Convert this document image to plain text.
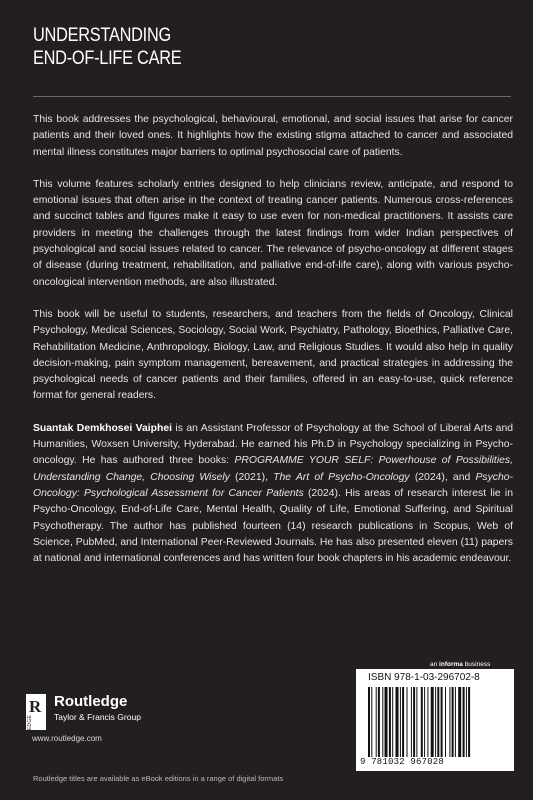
UNDERSTANDING
END-OF-LIFE CARE

This book addresses the psychological, behavioural, emotional, and social issues that arise for cancer patients and their loved ones. It highlights how the existing stigma attached to cancer and associated mental illness constitutes major barriers to optimal psychosocial care of patients.

This volume features scholarly entries designed to help clinicians review, anticipate, and respond to emotional issues that often arise in the context of treating cancer patients. Numerous cross-references and succinct tables and figures make it easy to use even for non-medical practitioners. It assists care providers in meeting the challenges through the latest findings from wider Indian perspectives of psychological and social issues related to cancer. The relevance of psycho-oncology at different stages of disease (during treatment, rehabilitation, and palliative end-of-life care), along with various psycho-oncological intervention methods, are also illustrated.

This book will be useful to students, researchers, and teachers from the fields of Oncology, Clinical Psychology, Medical Sciences, Sociology, Social Work, Psychiatry, Pathology, Bioethics, Palliative Care, Rehabilitation Medicine, Anthropology, Biology, Law, and Religious Studies. It would also help in quality decision-making, pain symptom management, bereavement, and practical strategies in addressing the psychological needs of cancer patients and their families, offered in an easy-to-use, quick reference format for general readers.

Suantak Demkhosei Vaiphei is an Assistant Professor of Psychology at the School of Liberal Arts and Humanities, Woxsen University, Hyderabad. He earned his Ph.D in Psychology specializing in Psycho-oncology. He has authored three books: PROGRAMME YOUR SELF: Powerhouse of Possibilities, Understanding Change, Choosing Wisely (2021), The Art of Psycho-Oncology (2024), and Psycho-Oncology: Psychological Assessment for Cancer Patients (2024). His areas of research interest lie in Psycho-Oncology, End-of-Life Care, Mental Health, Quality of Life, Emotional Suffering, and Spiritual Psychotherapy. The author has published fourteen (14) research publications in Scopus, Web of Science, PubMed, and International Peer-Reviewed Journals. He has also presented eleven (11) papers at national and international conferences and has written four book chapters in his academic endeavour.

R
ROUTLEDGE
Routledge
Taylor & Francis Group
www.routledge.com
an informa business
ISBN 978-1-03-296702-8
9 781032 967028
Routledge titles are available as eBook editions in a range of digital formats
